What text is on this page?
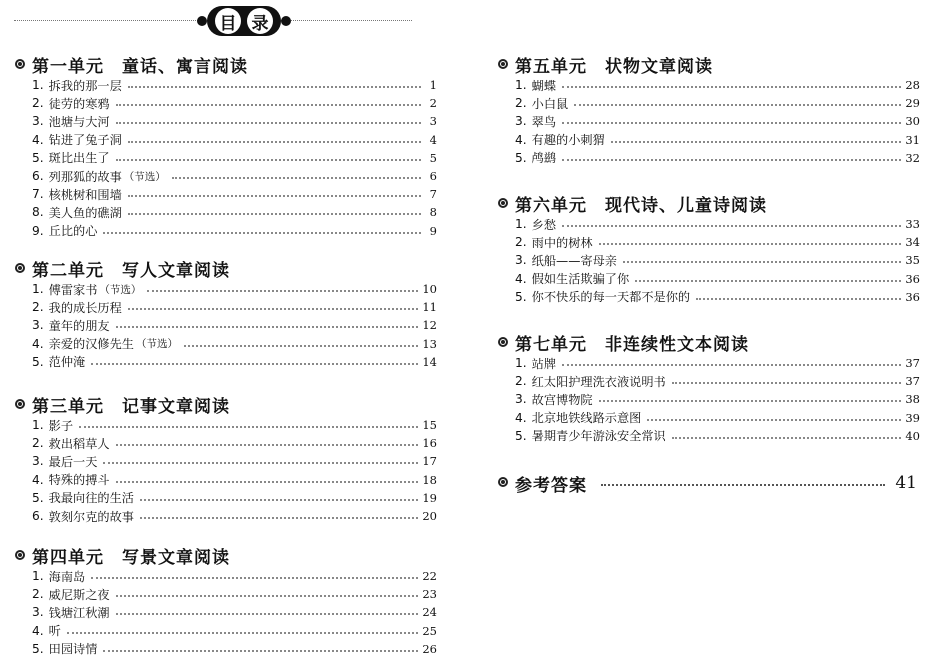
目 录
第一单元　童话、寓言阅读
1. 拆我的那一层	1
2. 徒劳的寒鸦	2
3. 池塘与大河	3
4. 钻进了兔子洞	4
5. 斑比出生了	5
6. 列那狐的故事 （节选）	6
7. 核桃树和围墙	7
8. 美人鱼的礁湖	8
9. 丘比的心	9
第二单元　写人文章阅读
1. 傅雷家书 （节选）	10
2. 我的成长历程	11
3. 童年的朋友	12
4. 亲爱的汉修先生 （节选）	13
5. 范仲淹	14
第三单元　记事文章阅读
1. 影子	15
2. 救出稻草人	16
3. 最后一天	17
4. 特殊的搏斗	18
5. 我最向往的生活	19
6. 敦刻尔克的故事	20
第四单元　写景文章阅读
1. 海南岛	22
2. 威尼斯之夜	23
3. 钱塘江秋潮	24
4. 听	25
5. 田园诗情	26
第五单元　状物文章阅读
1. 蝴蝶	28
2. 小白鼠	29
3. 翠鸟	30
4. 有趣的小刺猬	31
5. 鸬鹚	32
第六单元　现代诗、儿童诗阅读
1. 乡愁	33
2. 雨中的树林	34
3. 纸船——寄母亲	35
4. 假如生活欺骗了你	36
5. 你不快乐的每一天都不是你的	36
第七单元　非连续性文本阅读
1. 站牌	37
2. 红太阳护理洗衣液说明书	37
3. 故宫博物院	38
4. 北京地铁线路示意图	39
5. 暑期青少年游泳安全常识	40
参考答案	41
